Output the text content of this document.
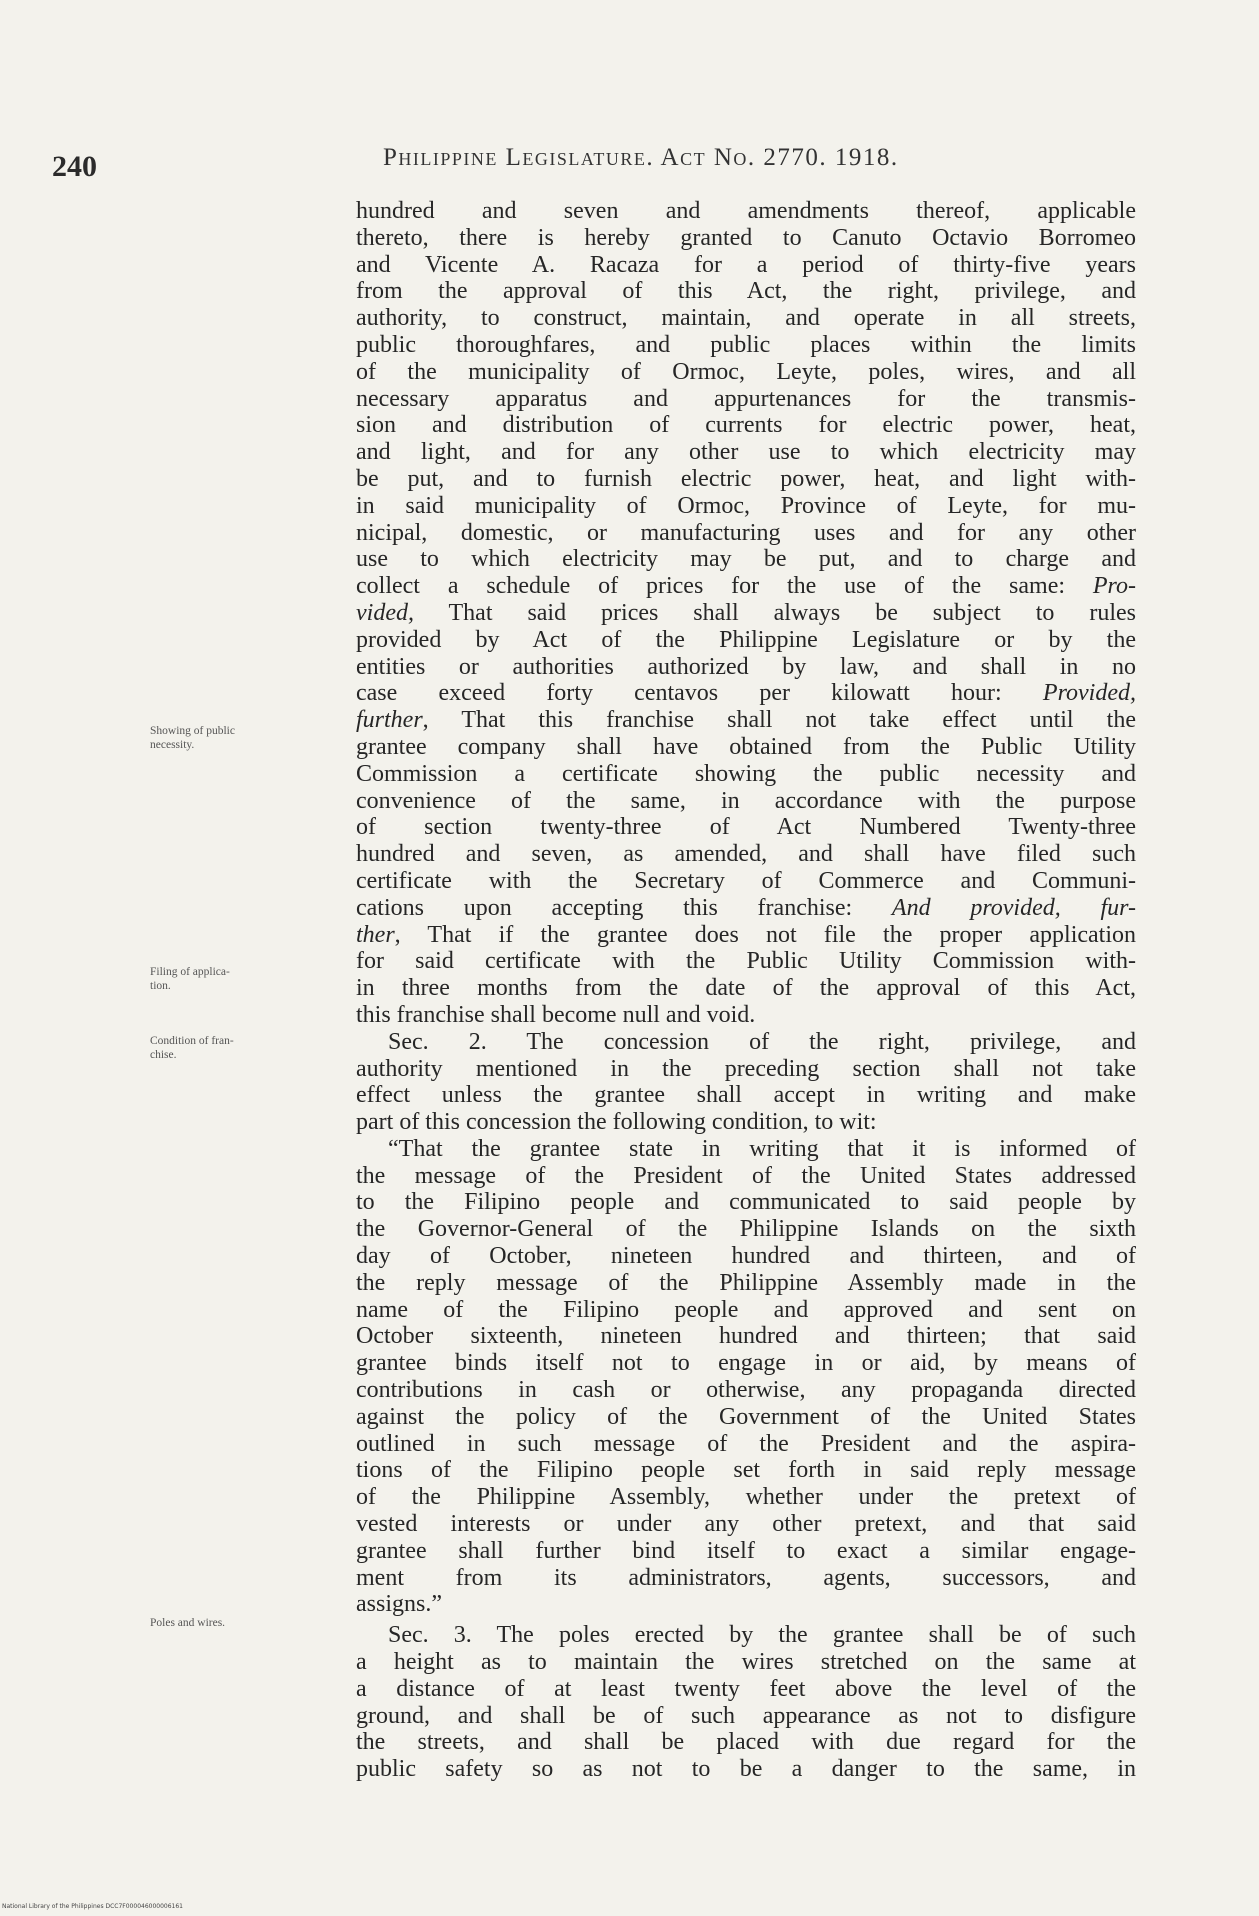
240	Philippine Legislature. Act No. 2770. 1918.
Showing of public
necessity.
Filing of applica-
tion.
Condition of fran-
chise.
Poles and wires.
hundred and seven and amendments thereof, applicable
thereto, there is hereby granted to Canuto Octavio Borromeo
and Vicente A. Racaza for a period of thirty-five years
from the approval of this Act, the right, privilege, and
authority, to construct, maintain, and operate in all streets,
public thoroughfares, and public places within the limits
of the municipality of Ormoc, Leyte, poles, wires, and all
necessary apparatus and appurtenances for the transmis-
sion and distribution of currents for electric power, heat,
and light, and for any other use to which electricity may
be put, and to furnish electric power, heat, and light with-
in said municipality of Ormoc, Province of Leyte, for mu-
nicipal, domestic, or manufacturing uses and for any other
use to which electricity may be put, and to charge and
collect a schedule of prices for the use of the same: Pro-
vided, That said prices shall always be subject to rules
provided by Act of the Philippine Legislature or by the
entities or authorities authorized by law, and shall in no
case exceed forty centavos per kilowatt hour: Provided,
further, That this franchise shall not take effect until the
grantee company shall have obtained from the Public Utility
Commission a certificate showing the public necessity and
convenience of the same, in accordance with the purpose
of section twenty-three of Act Numbered Twenty-three
hundred and seven, as amended, and shall have filed such
certificate with the Secretary of Commerce and Communi-
cations upon accepting this franchise: And provided, fur-
ther, That if the grantee does not file the proper application
for said certificate with the Public Utility Commission with-
in three months from the date of the approval of this Act,
this franchise shall become null and void.
Sec. 2. The concession of the right, privilege, and
authority mentioned in the preceding section shall not take
effect unless the grantee shall accept in writing and make
part of this concession the following condition, to wit:
“That the grantee state in writing that it is informed of
the message of the President of the United States addressed
to the Filipino people and communicated to said people by
the Governor-General of the Philippine Islands on the sixth
day of October, nineteen hundred and thirteen, and of
the reply message of the Philippine Assembly made in the
name of the Filipino people and approved and sent on
October sixteenth, nineteen hundred and thirteen; that said
grantee binds itself not to engage in or aid, by means of
contributions in cash or otherwise, any propaganda directed
against the policy of the Government of the United States
outlined in such message of the President and the aspira-
tions of the Filipino people set forth in said reply message
of the Philippine Assembly, whether under the pretext of
vested interests or under any other pretext, and that said
grantee shall further bind itself to exact a similar engage-
ment from its administrators, agents, successors, and
assigns.”
Sec. 3. The poles erected by the grantee shall be of such
a height as to maintain the wires stretched on the same at
a distance of at least twenty feet above the level of the
ground, and shall be of such appearance as not to disfigure
the streets, and shall be placed with due regard for the
public safety so as not to be a danger to the same, in
National Library of the Philippines DCC7F000046000006161
